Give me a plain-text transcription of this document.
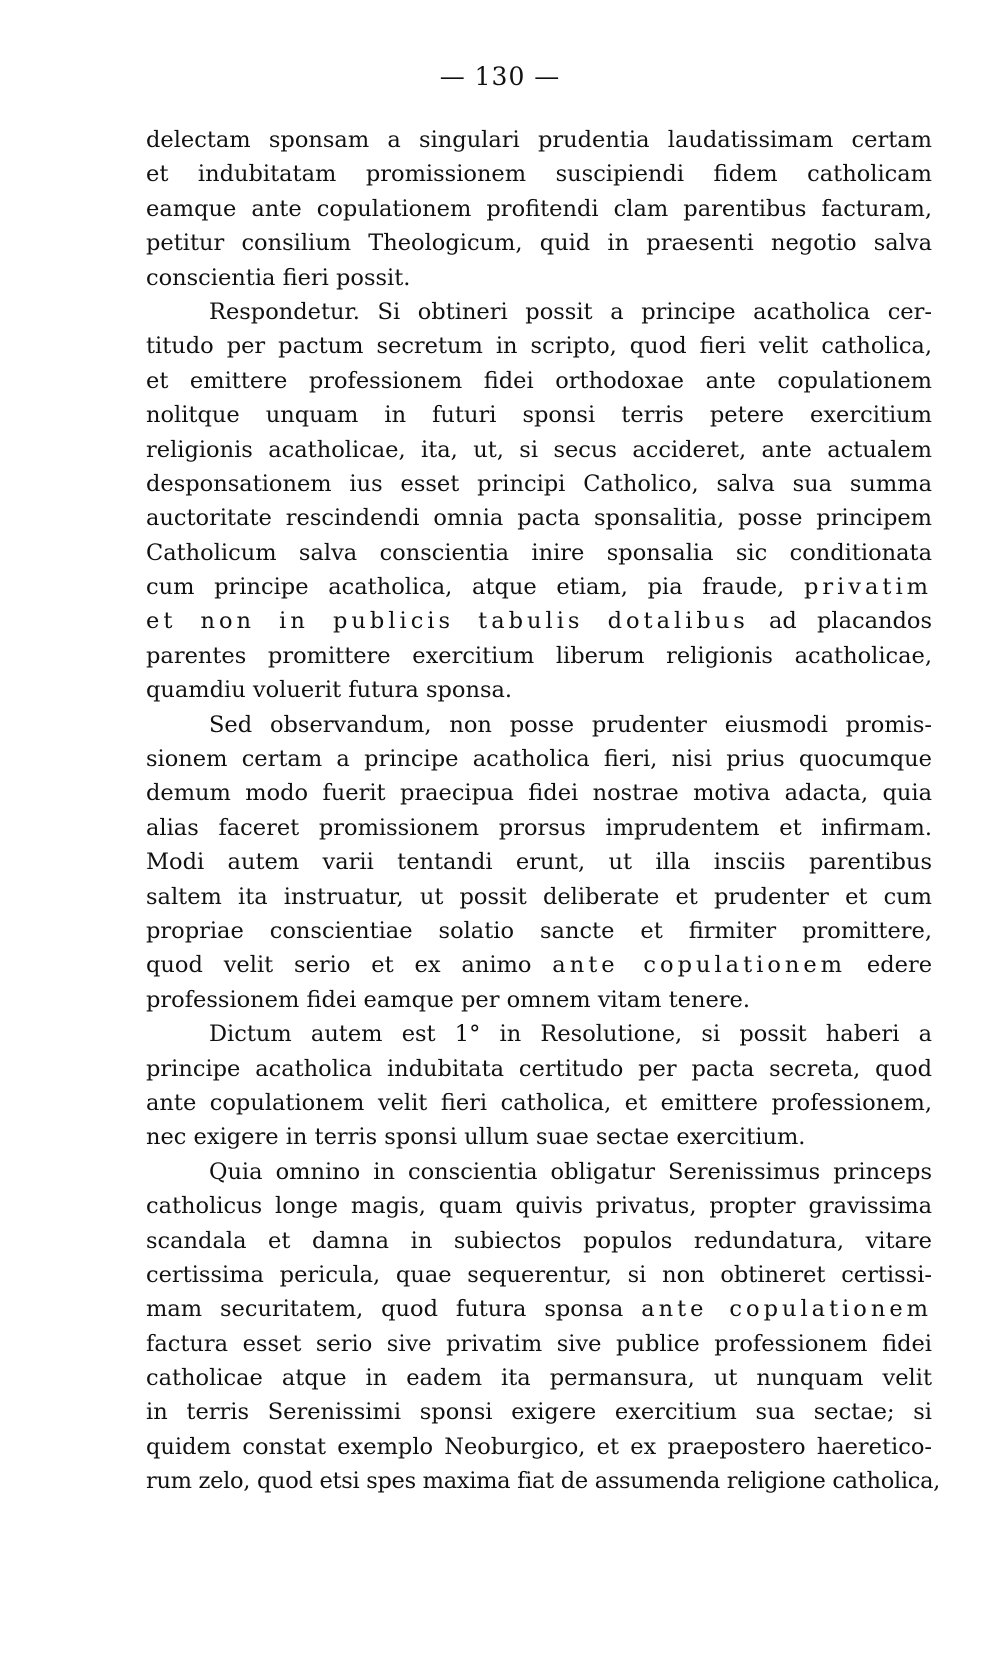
— 130 —
delectam sponsam a singulari prudentia laudatissimam certam
et indubitatam promissionem suscipiendi fidem catholicam
eamque ante copulationem profitendi clam parentibus facturam,
petitur consilium Theologicum, quid in praesenti negotio salva
conscientia fieri possit.
Respondetur. Si obtineri possit a principe acatholica cer-
titudo per pactum secretum in scripto, quod fieri velit catholica,
et emittere professionem fidei orthodoxae ante copulationem
nolitque unquam in futuri sponsi terris petere exercitium
religionis acatholicae, ita, ut, si secus accideret, ante actualem
desponsationem ius esset principi Catholico, salva sua summa
auctoritate rescindendi omnia pacta sponsalitia, posse principem
Catholicum salva conscientia inire sponsalia sic conditionata
cum principe acatholica, atque etiam, pia fraude, privatim
et non in publicis tabulis dotalibus ad placandos
parentes promittere exercitium liberum religionis acatholicae,
quamdiu voluerit futura sponsa.
Sed observandum, non posse prudenter eiusmodi promis-
sionem certam a principe acatholica fieri, nisi prius quocumque
demum modo fuerit praecipua fidei nostrae motiva adacta, quia
alias faceret promissionem prorsus imprudentem et infirmam.
Modi autem varii tentandi erunt, ut illa insciis parentibus
saltem ita instruatur, ut possit deliberate et prudenter et cum
propriae conscientiae solatio sancte et firmiter promittere,
quod velit serio et ex animo ante copulationem edere
professionem fidei eamque per omnem vitam tenere.
Dictum autem est 1° in Resolutione, si possit haberi a
principe acatholica indubitata certitudo per pacta secreta, quod
ante copulationem velit fieri catholica, et emittere professionem,
nec exigere in terris sponsi ullum suae sectae exercitium.
Quia omnino in conscientia obligatur Serenissimus princeps
catholicus longe magis, quam quivis privatus, propter gravissima
scandala et damna in subiectos populos redundatura, vitare
certissima pericula, quae sequerentur, si non obtineret certissi-
mam securitatem, quod futura sponsa ante copulationem
factura esset serio sive privatim sive publice professionem fidei
catholicae atque in eadem ita permansura, ut nunquam velit
in terris Serenissimi sponsi exigere exercitium sua sectae; si
quidem constat exemplo Neoburgico, et ex praepostero haeretico-
rum zelo, quod etsi spes maxima fiat de assumenda religione catholica,
